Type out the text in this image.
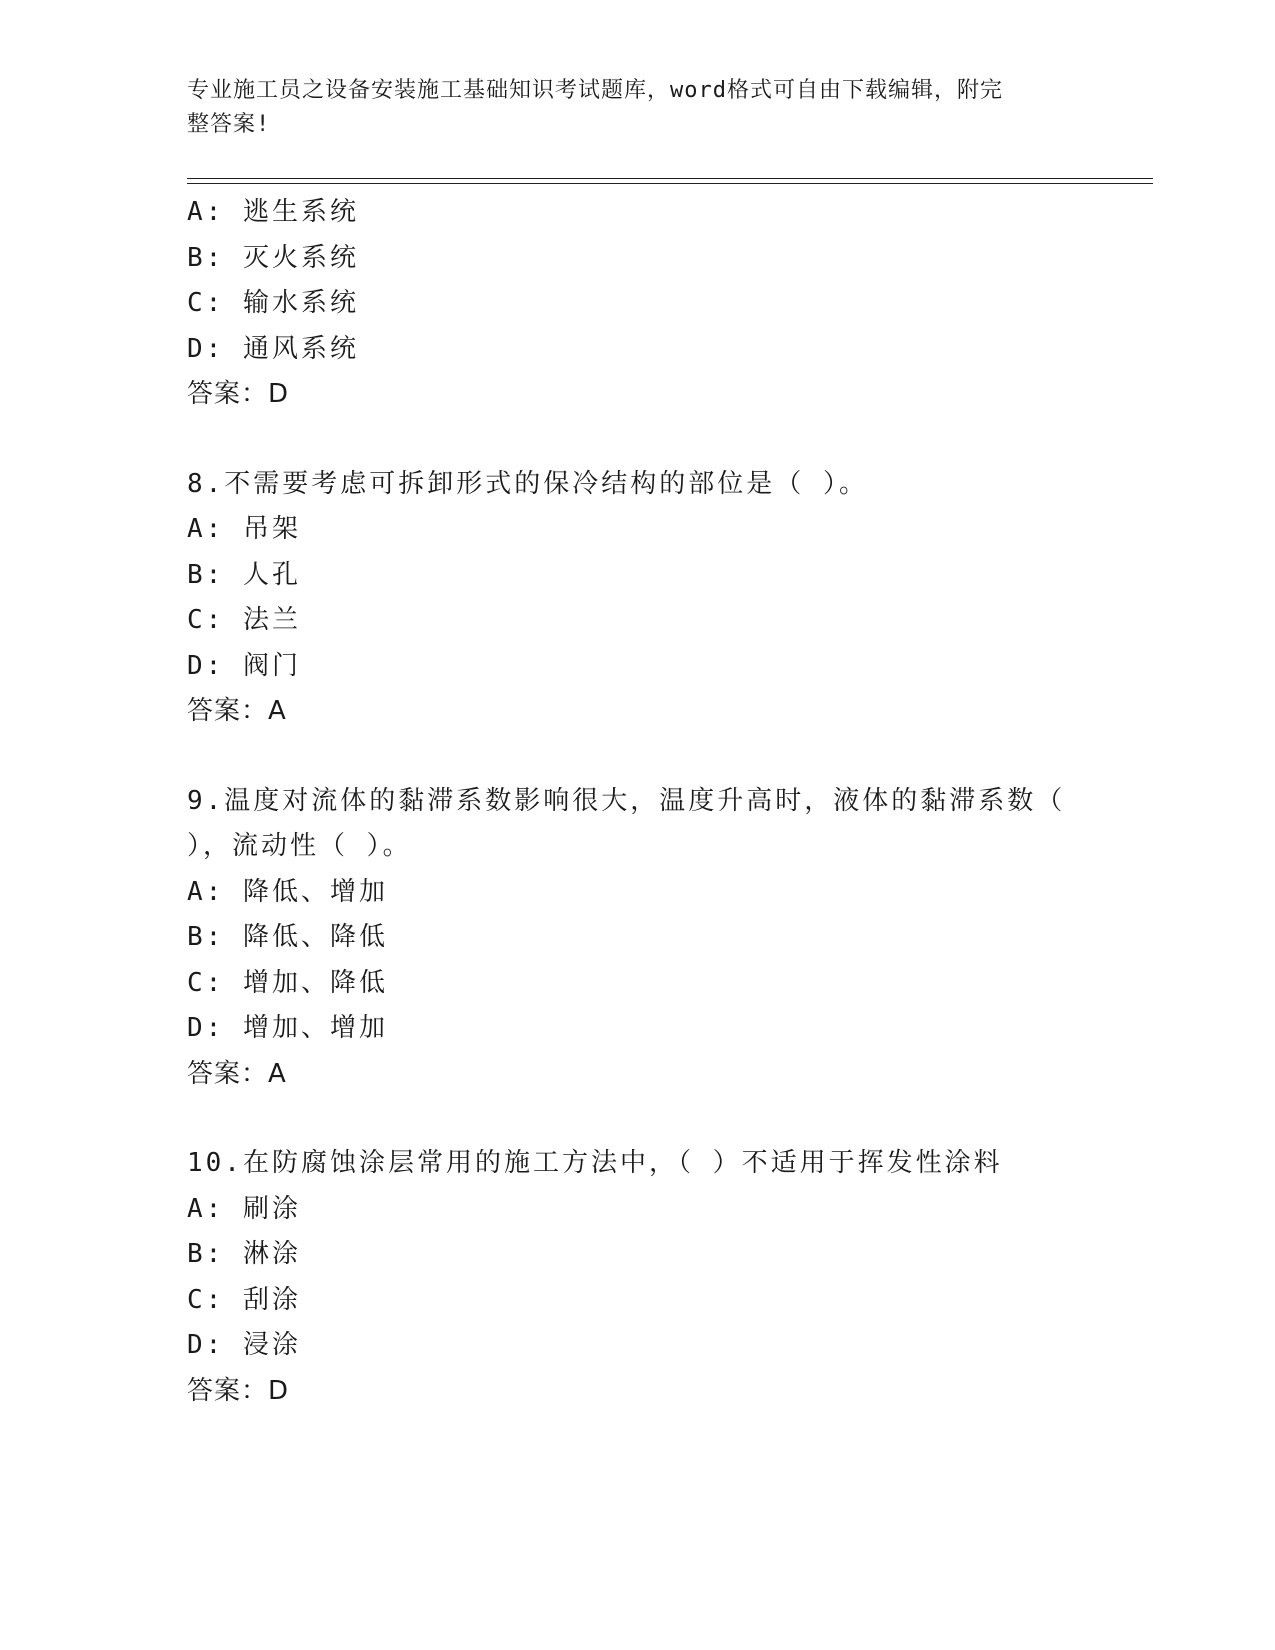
专业施工员之设备安装施工基础知识考试题库，word格式可自由下载编辑，附完
整答案!
A: 逃生系统
B: 灭火系统
C: 输水系统
D: 通风系统
答案：D
8.不需要考虑可拆卸形式的保冷结构的部位是（ ）。
A: 吊架
B: 人孔
C: 法兰
D: 阀门
答案：A
9.温度对流体的黏滞系数影响很大，温度升高时，液体的黏滞系数（
），流动性（ ）。
A: 降低、增加
B: 降低、降低
C: 增加、降低
D: 增加、增加
答案：A
10.在防腐蚀涂层常用的施工方法中，（ ）不适用于挥发性涂料
A: 刷涂
B: 淋涂
C: 刮涂
D: 浸涂
答案：D
